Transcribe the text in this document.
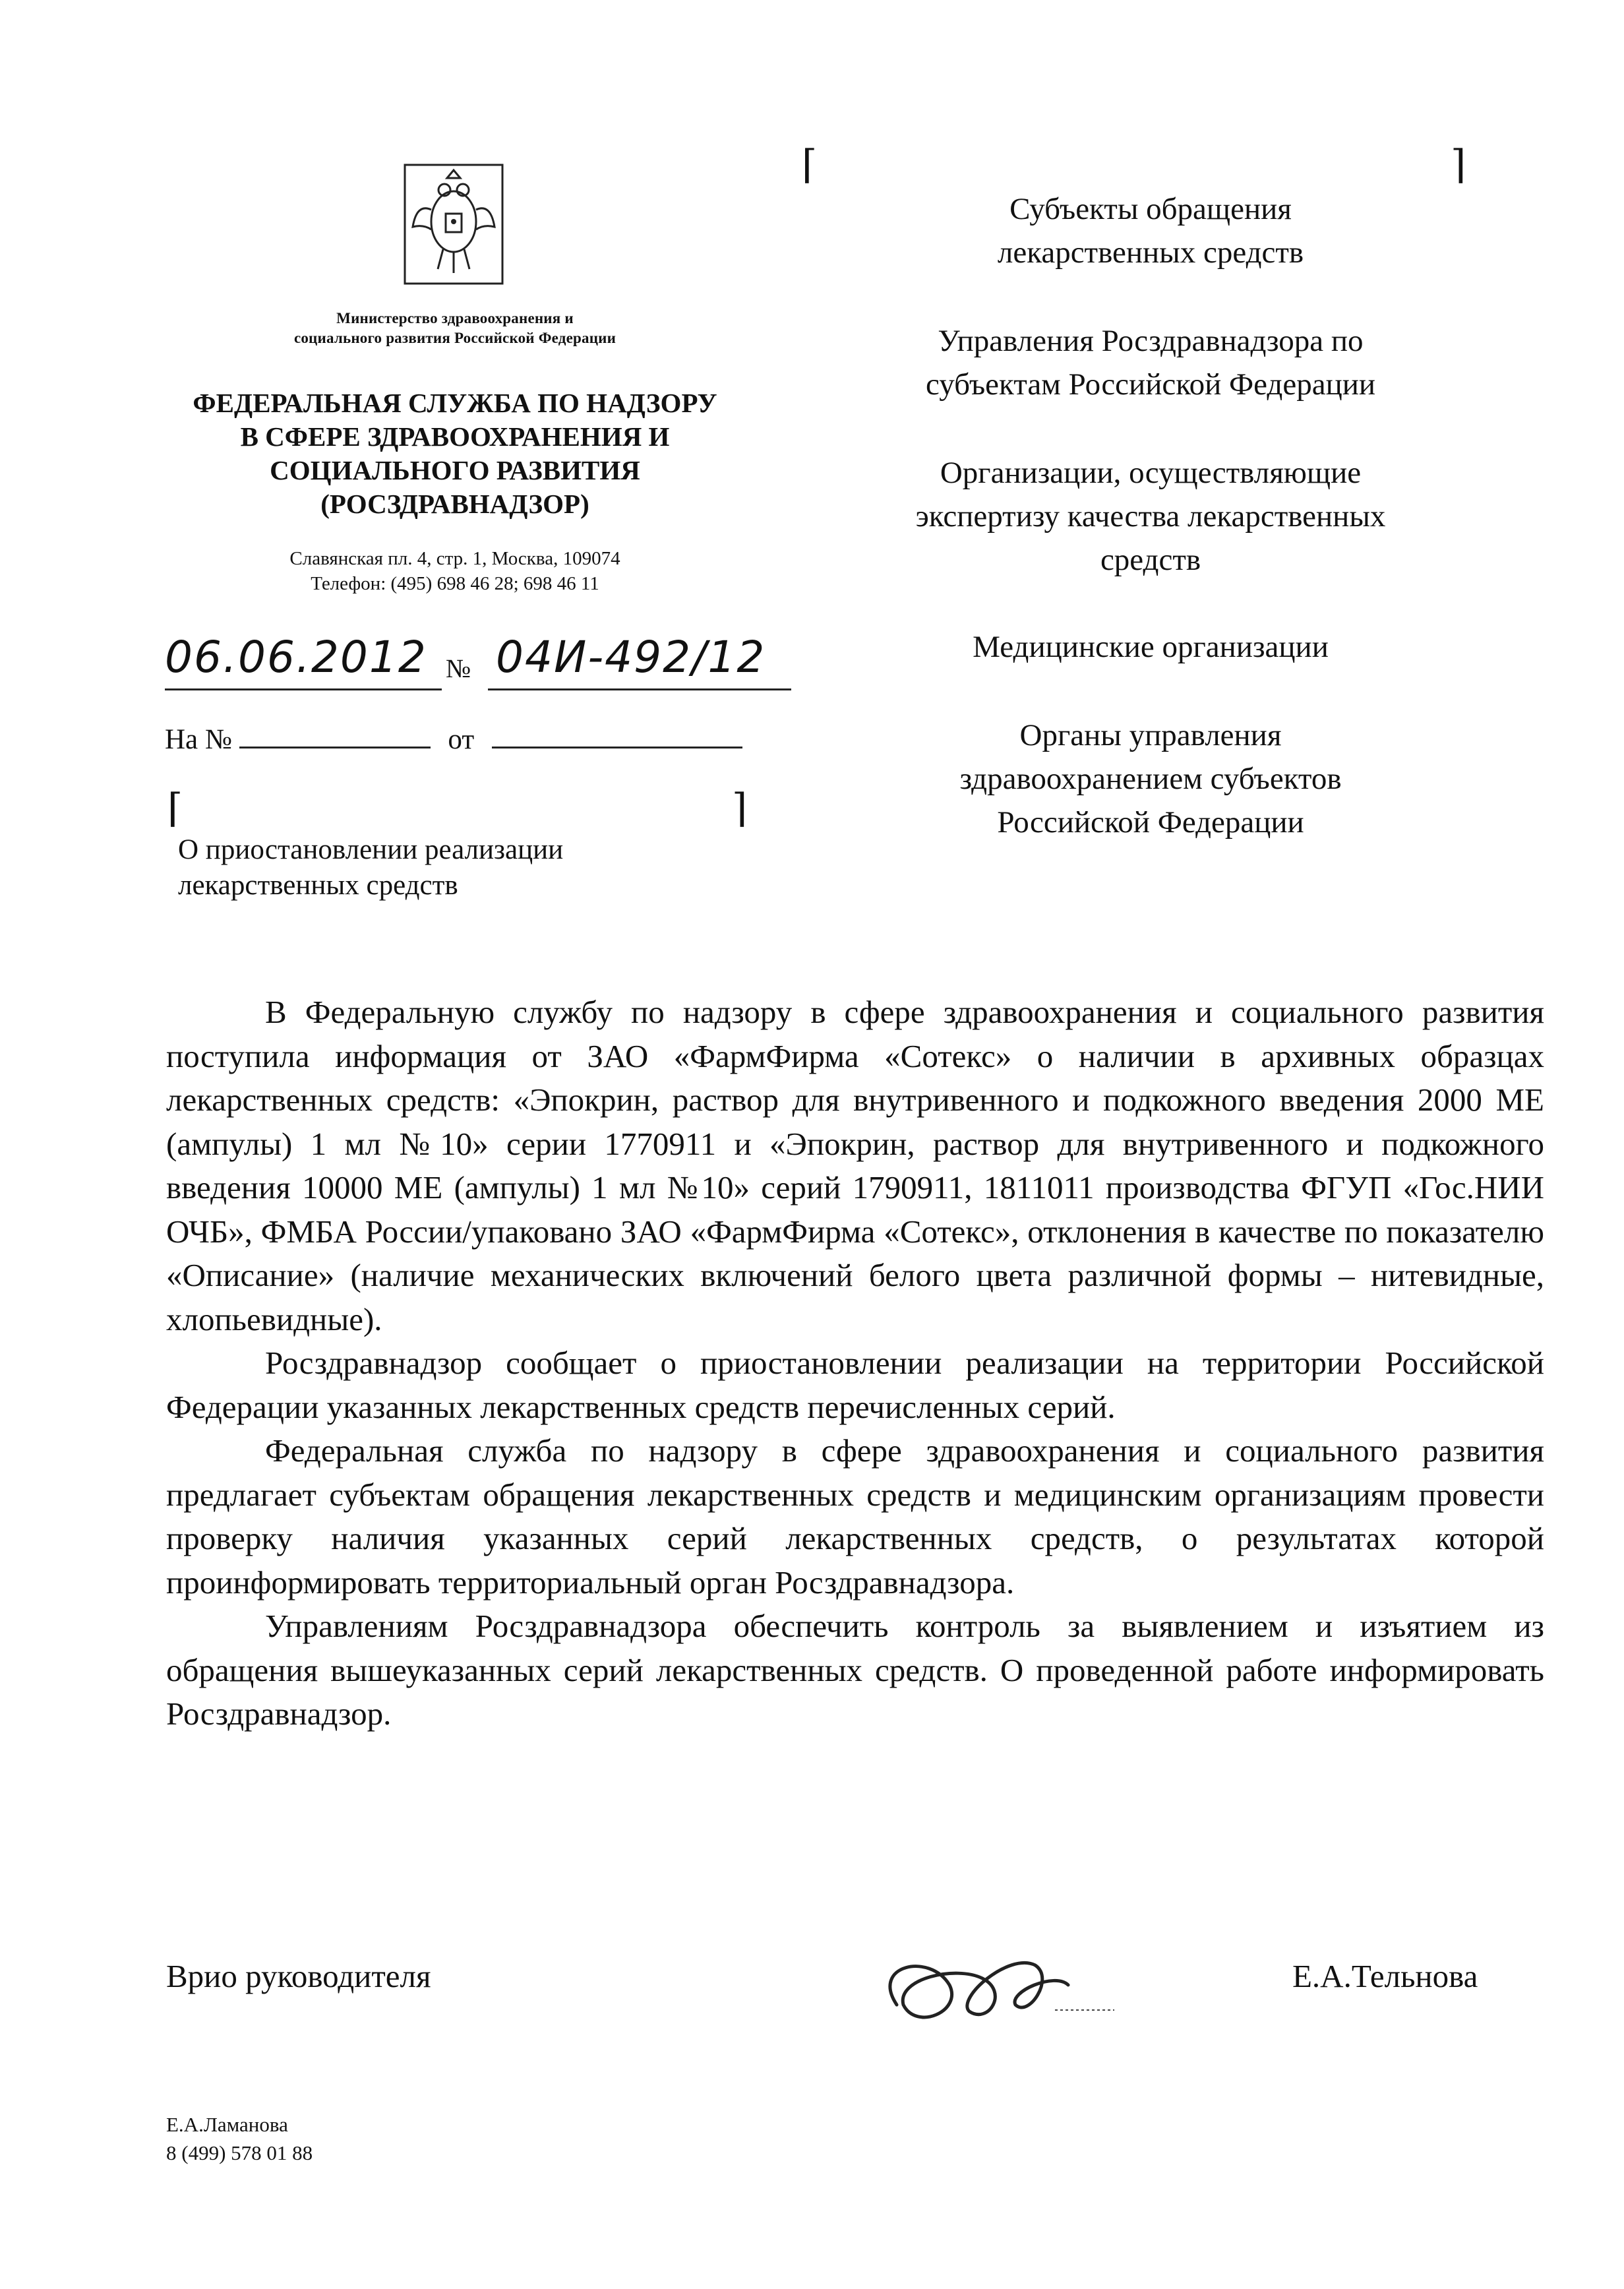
Министерство здравоохранения и
социального развития Российской Федерации
ФЕДЕРАЛЬНАЯ СЛУЖБА ПО НАДЗОРУ
В СФЕРЕ ЗДРАВООХРАНЕНИЯ И
СОЦИАЛЬНОГО РАЗВИТИЯ
(РОСЗДРАВНАДЗОР)
Славянская пл. 4, стр. 1, Москва, 109074
Телефон: (495) 698 46 28; 698 46 11
06.06.2012 № 04И-492/12
На №	от
⌈	⌉
⌈	⌉
О приостановлении реализации
лекарственных средств
Субъекты обращения
лекарственных средств
Управления Росздравнадзора по
субъектам Российской Федерации
Организации, осуществляющие
экспертизу качества лекарственных
средств
Медицинские организации
Органы управления
здравоохранением субъектов
Российской Федерации

В Федеральную службу по надзору в сфере здравоохранения и социального развития поступила информация от ЗАО «ФармФирма «Сотекс» о наличии в архивных образцах лекарственных средств: «Эпокрин, раствор для внутривенного и подкожного введения 2000 МЕ (ампулы) 1 мл №10» серии 1770911 и «Эпокрин, раствор для внутривенного и подкожного введения 10000 МЕ (ампулы) 1 мл №10» серий 1790911, 1811011 производства ФГУП «Гос.НИИ ОЧБ», ФМБА России/упаковано ЗАО «ФармФирма «Сотекс», отклонения в качестве по показателю «Описание» (наличие механических включений белого цвета различной формы – нитевидные, хлопьевидные).

Росздравнадзор сообщает о приостановлении реализации на территории Российской Федерации указанных лекарственных средств перечисленных серий.

Федеральная служба по надзору в сфере здравоохранения и социального развития предлагает субъектам обращения лекарственных средств и медицинским организациям провести проверку наличия указанных серий лекарственных средств, о результатах которой проинформировать территориальный орган Росздравнадзора.

Управлениям Росздравнадзора обеспечить контроль за выявлением и изъятием из обращения вышеуказанных серий лекарственных средств. О проведенной работе информировать Росздравнадзор.

Врио руководителя	Е.А.Тельнова
Е.А.Ламанова
8 (499) 578 01 88
